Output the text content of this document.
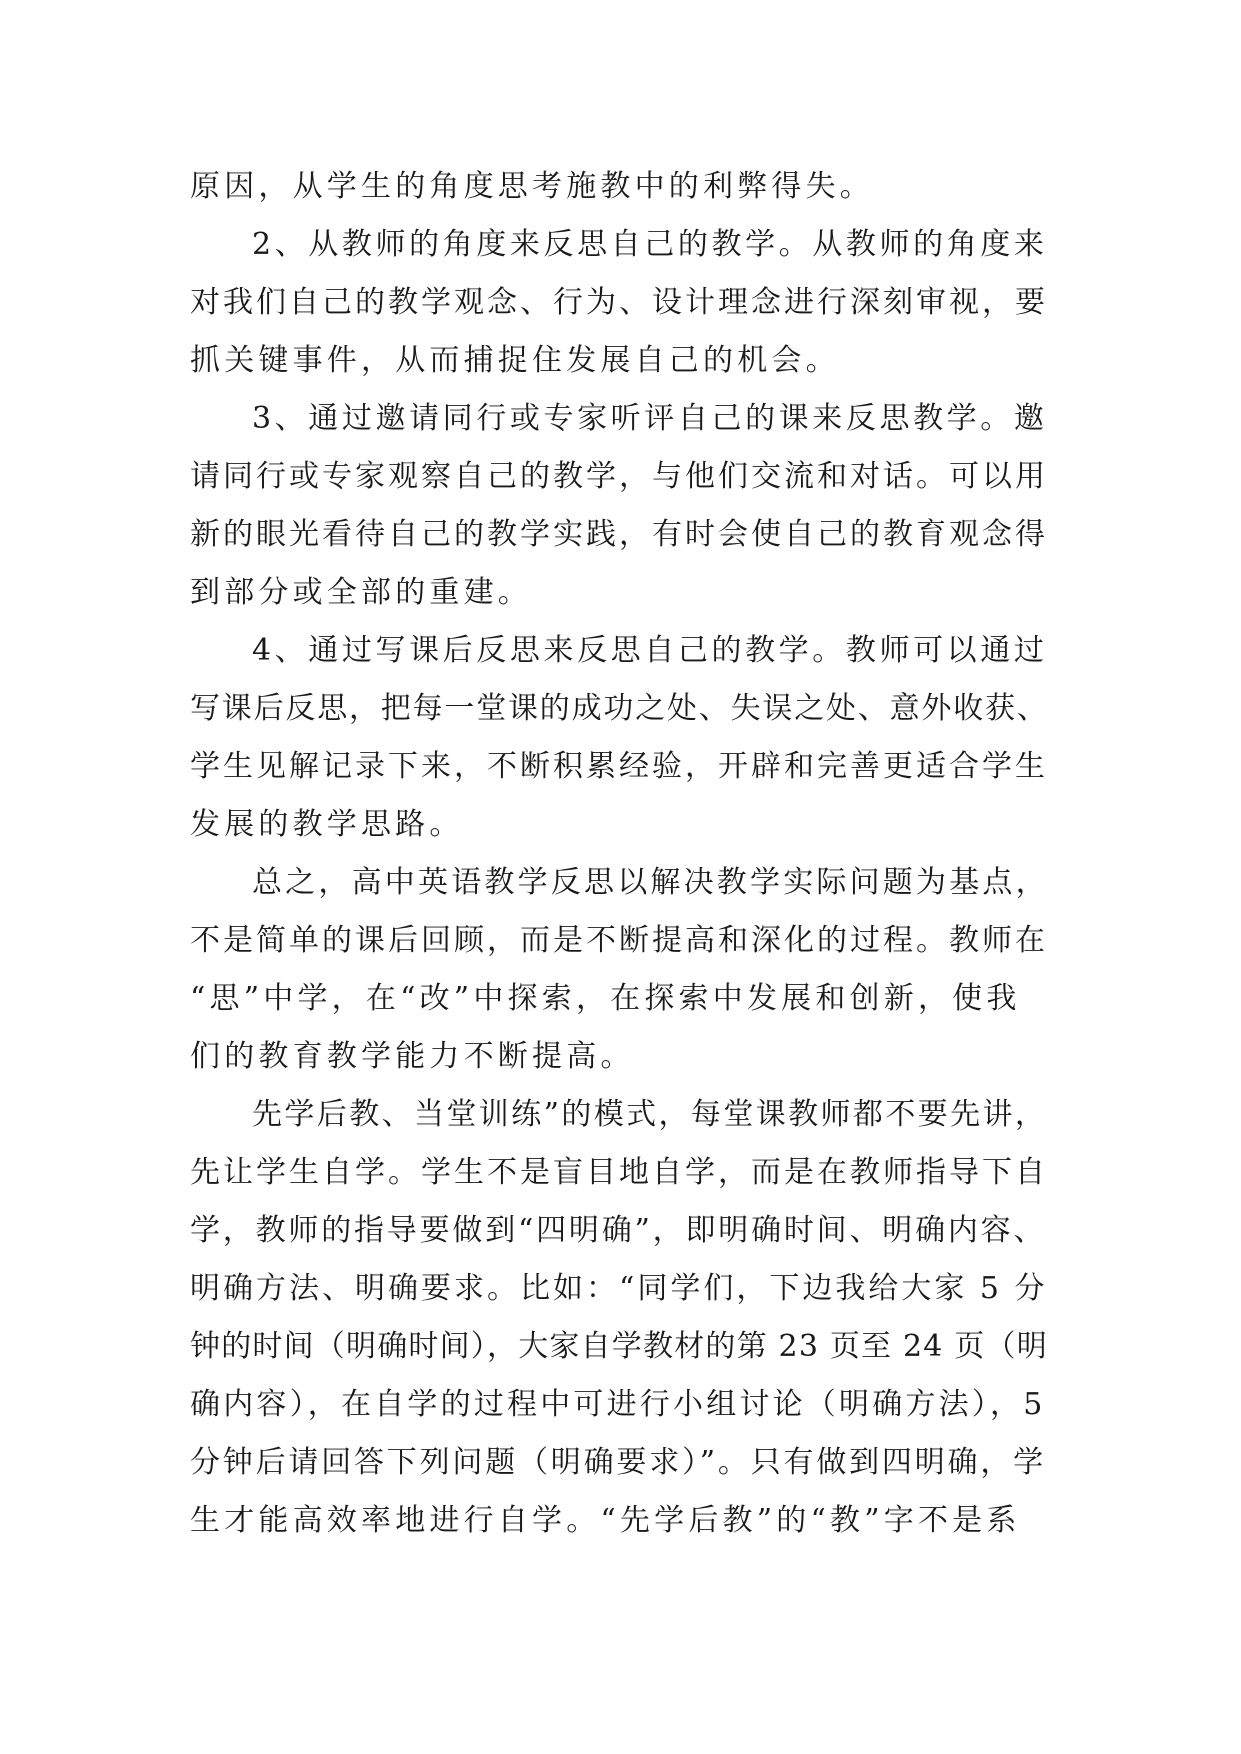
原因，从学生的角度思考施教中的利弊得失。
2、从教师的角度来反思自己的教学。从教师的角度来
对我们自己的教学观念、行为、设计理念进行深刻审视，要
抓关键事件，从而捕捉住发展自己的机会。
3、通过邀请同行或专家听评自己的课来反思教学。邀
请同行或专家观察自己的教学，与他们交流和对话。可以用
新的眼光看待自己的教学实践，有时会使自己的教育观念得
到部分或全部的重建。
4、通过写课后反思来反思自己的教学。教师可以通过
写课后反思，把每一堂课的成功之处、失误之处、意外收获、
学生见解记录下来，不断积累经验，开辟和完善更适合学生
发展的教学思路。
总之，高中英语教学反思以解决教学实际问题为基点，
不是简单的课后回顾，而是不断提高和深化的过程。教师在
“思”中学，在“改”中探索，在探索中发展和创新，使我
们的教育教学能力不断提高。
先学后教、当堂训练”的模式，每堂课教师都不要先讲，
先让学生自学。学生不是盲目地自学，而是在教师指导下自
学，教师的指导要做到“四明确”，即明确时间、明确内容、
明确方法、明确要求。比如：“同学们，下边我给大家 5 分
钟的时间（明确时间），大家自学教材的第 23 页至 24 页（明
确内容），在自学的过程中可进行小组讨论（明确方法），5
分钟后请回答下列问题（明确要求）”。只有做到四明确，学
生才能高效率地进行自学。“先学后教”的“教”字不是系
